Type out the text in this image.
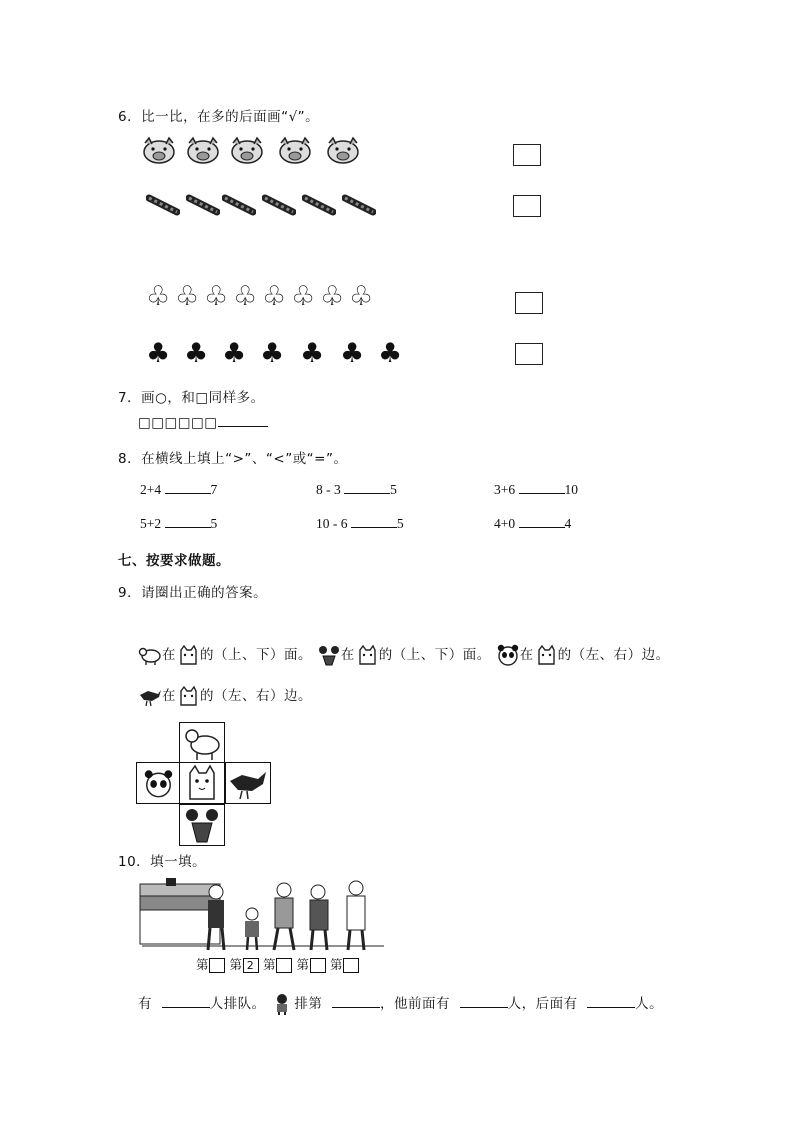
6．比一比，在多的后面画“√”。
♧ ♧ ♧ ♧ ♧ ♧ ♧ ♧
♣ ♣ ♣ ♣ ♣ ♣ ♣
7．画○，和□同样多。
□□□□□□
8．在横线上填上“>”、“<”或“=”。
2+4	7	8 - 3	5	3+6	10
5+2	5	10 - 6	5	4+0	4
七、按要求做题。
9．请圈出正确的答案。
在 的（上、下）面。 在 的（上、下）面。 在 的（左、右）边。
在 的（左、右）边。
10．填一填。
第 第 2 第 第 第
有	人排队。 排第	，他前面有	人，后面有	人。
